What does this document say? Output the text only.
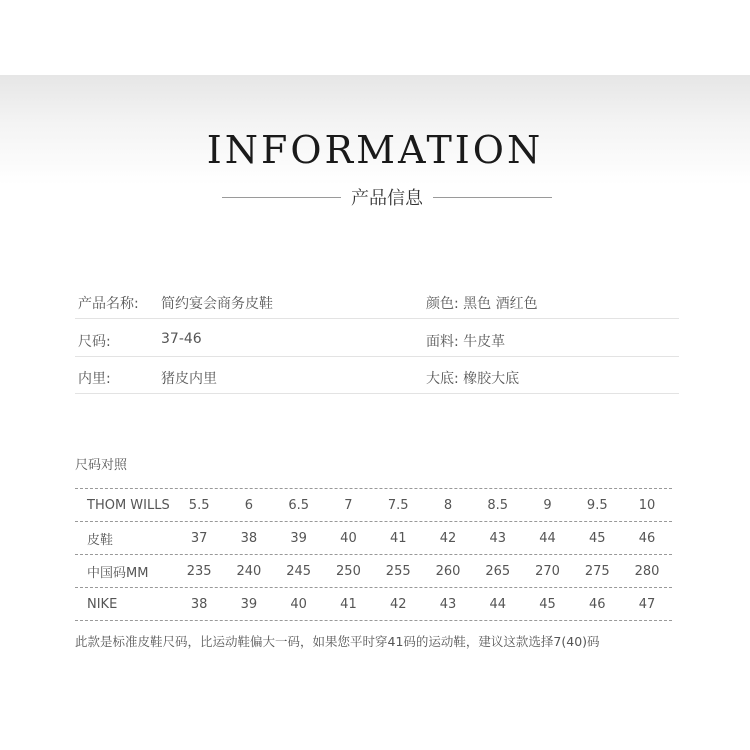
INFORMATION
产品信息
产品名称: 简约宴会商务皮鞋	颜色: 黑色 酒红色
尺码:	37-46	面料: 牛皮革
内里:	猪皮内里	大底: 橡胶大底

尺码对照

THOM WILLS	5.5	6	6.5	7	7.5	8	8.5	9	9.5	10
皮鞋	37	38	39	40	41	42	43	44	45	46
中国码MM	235	240	245	250	255	260	265	270	275	280
NIKE	38	39	40	41	42	43	44	45	46	47

此款是标准皮鞋尺码，比运动鞋偏大一码，如果您平时穿41码的运动鞋，建议这款选择7(40)码
